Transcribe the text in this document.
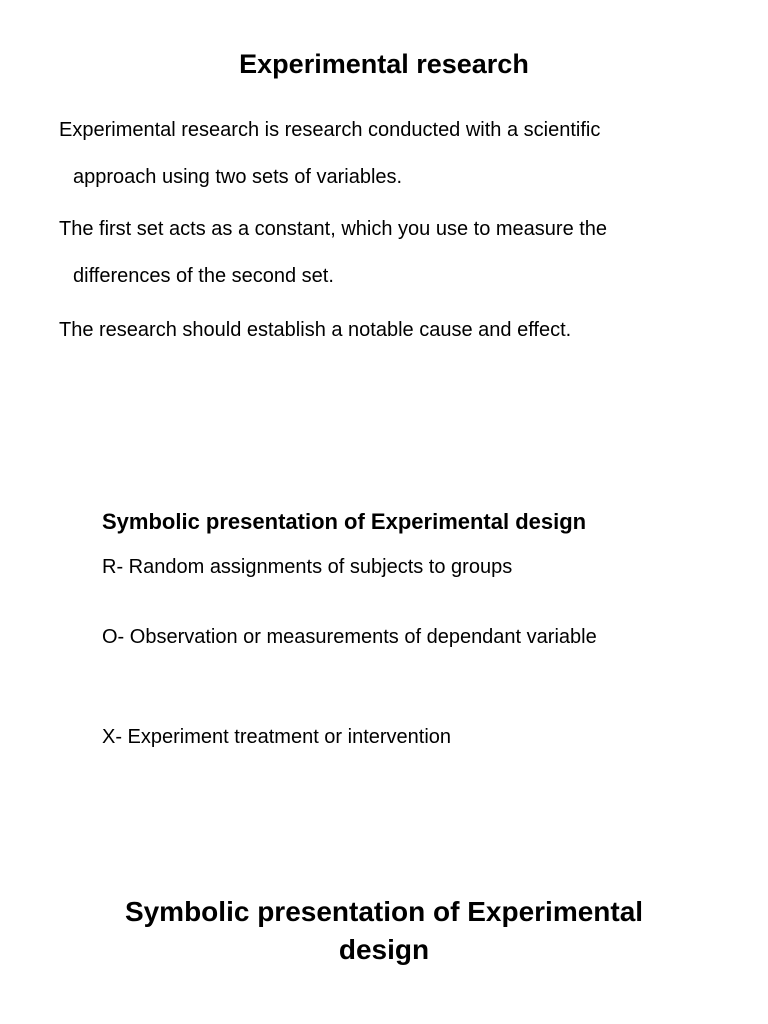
Experimental research
Experimental research is research conducted with a scientific
approach using two sets of variables.
The first set acts as a constant, which you use to measure the
differences of the second set.
The research should establish a notable cause and effect.
Symbolic presentation of Experimental design
R- Random assignments of subjects to groups
O- Observation or measurements of dependant variable
X- Experiment treatment or intervention
Symbolic presentation of Experimental
design
